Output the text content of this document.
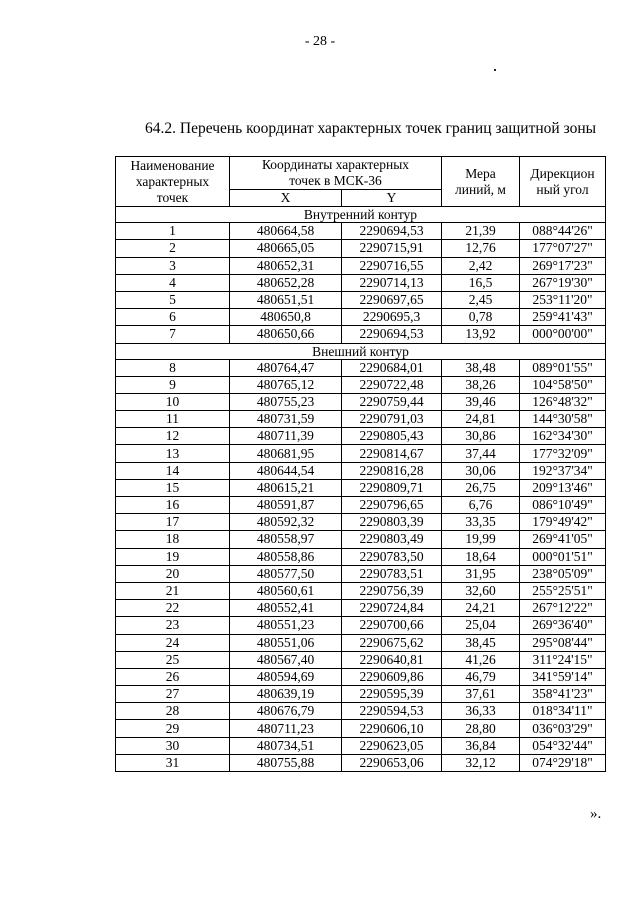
- 28 -
64.2. Перечень координат характерных точек границ защитной зоны
Наименование
характерных
точек	Координаты характерных
точек в МСК-36		Мера
линий, м	Дирекцион
ный угол
	X	Y		
Внутренний контур				
1	480664,58	2290694,53	21,39	088°44'26"
2	480665,05	2290715,91	12,76	177°07'27"
3	480652,31	2290716,55	2,42	269°17'23"
4	480652,28	2290714,13	16,5	267°19'30"
5	480651,51	2290697,65	2,45	253°11'20"
6	480650,8	2290695,3	0,78	259°41'43"
7	480650,66	2290694,53	13,92	000°00'00"
Внешний контур				
8	480764,47	2290684,01	38,48	089°01'55"
9	480765,12	2290722,48	38,26	104°58'50"
10	480755,23	2290759,44	39,46	126°48'32"
11	480731,59	2290791,03	24,81	144°30'58"
12	480711,39	2290805,43	30,86	162°34'30"
13	480681,95	2290814,67	37,44	177°32'09"
14	480644,54	2290816,28	30,06	192°37'34"
15	480615,21	2290809,71	26,75	209°13'46"
16	480591,87	2290796,65	6,76	086°10'49"
17	480592,32	2290803,39	33,35	179°49'42"
18	480558,97	2290803,49	19,99	269°41'05"
19	480558,86	2290783,50	18,64	000°01'51"
20	480577,50	2290783,51	31,95	238°05'09"
21	480560,61	2290756,39	32,60	255°25'51"
22	480552,41	2290724,84	24,21	267°12'22"
23	480551,23	2290700,66	25,04	269°36'40"
24	480551,06	2290675,62	38,45	295°08'44"
25	480567,40	2290640,81	41,26	311°24'15"
26	480594,69	2290609,86	46,79	341°59'14"
27	480639,19	2290595,39	37,61	358°41'23"
28	480676,79	2290594,53	36,33	018°34'11"
29	480711,23	2290606,10	28,80	036°03'29"
30	480734,51	2290623,05	36,84	054°32'44"
31	480755,88	2290653,06	32,12	074°29'18"
».
